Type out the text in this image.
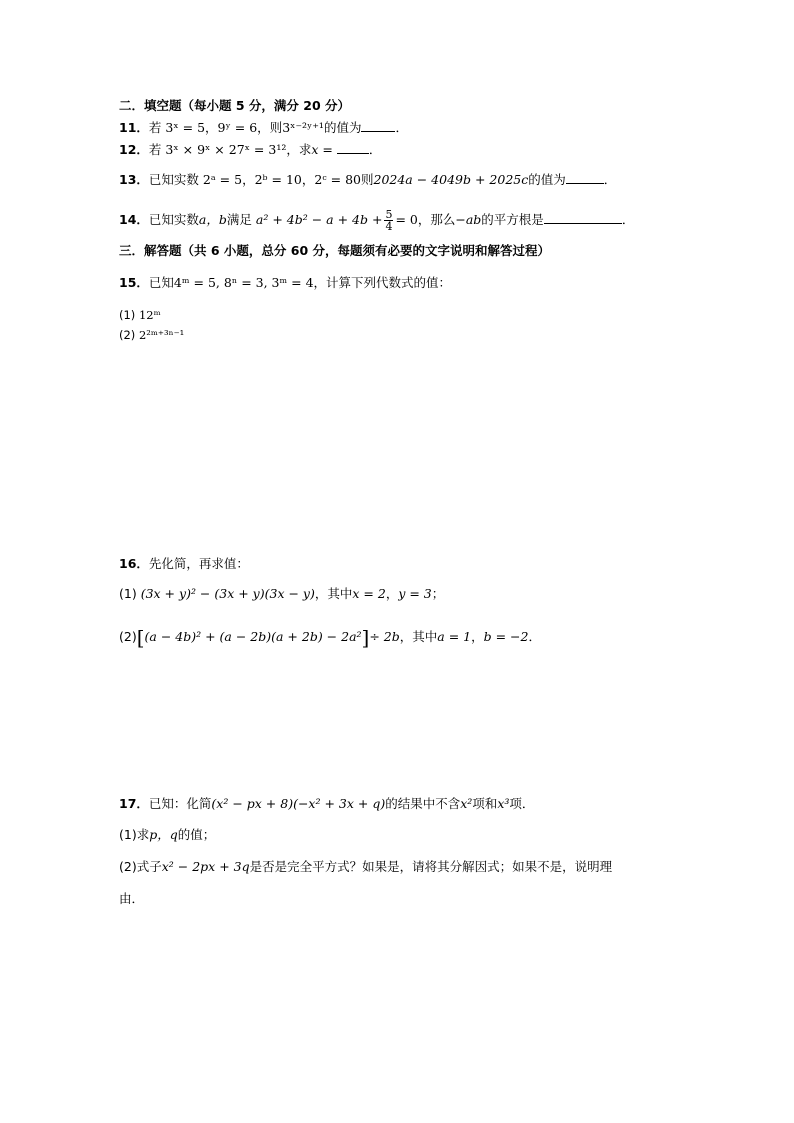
二．填空题（每小题 5 分，满分 20 分）
11．若 3ˣ = 5，9ʸ = 6，则3ˣ⁻²ʸ⁺¹的值为	．
12．若 3ˣ × 9ˣ × 27ˣ = 3¹²，求x =	．
13．已知实数 2ᵃ = 5，2ᵇ = 10，2ᶜ = 80则2024a − 4049b + 2025c的值为	．
14．已知实数a，b满足 $a^2 + 4b^2 - a + 4b + \frac{5}{4} = 0$，那么−ab的平方根是	．
三．解答题（共 6 小题，总分 60 分，每题须有必要的文字说明和解答过程）
15．已知4ᵐ = 5, 8ⁿ = 3, 3ᵐ = 4，计算下列代数式的值：
(1) 12ᵐ
(2) 2²ᵐ⁺³ⁿ⁻¹
16．先化简，再求值：
(1) (3x + y)² − (3x + y)(3x − y)，其中x = 2，y = 3；
(2)[(a − 4b)² + (a − 2b)(a + 2b) − 2a²]÷ 2b，其中a = 1，b = −2．
17．已知：化简(x² − px + 8)(−x² + 3x + q)的结果中不含x²项和x³项．
(1)求p，q的值；
(2)式子x² − 2px + 3q是否是完全平方式？如果是，请将其分解因式；如果不是，说明理
由．
